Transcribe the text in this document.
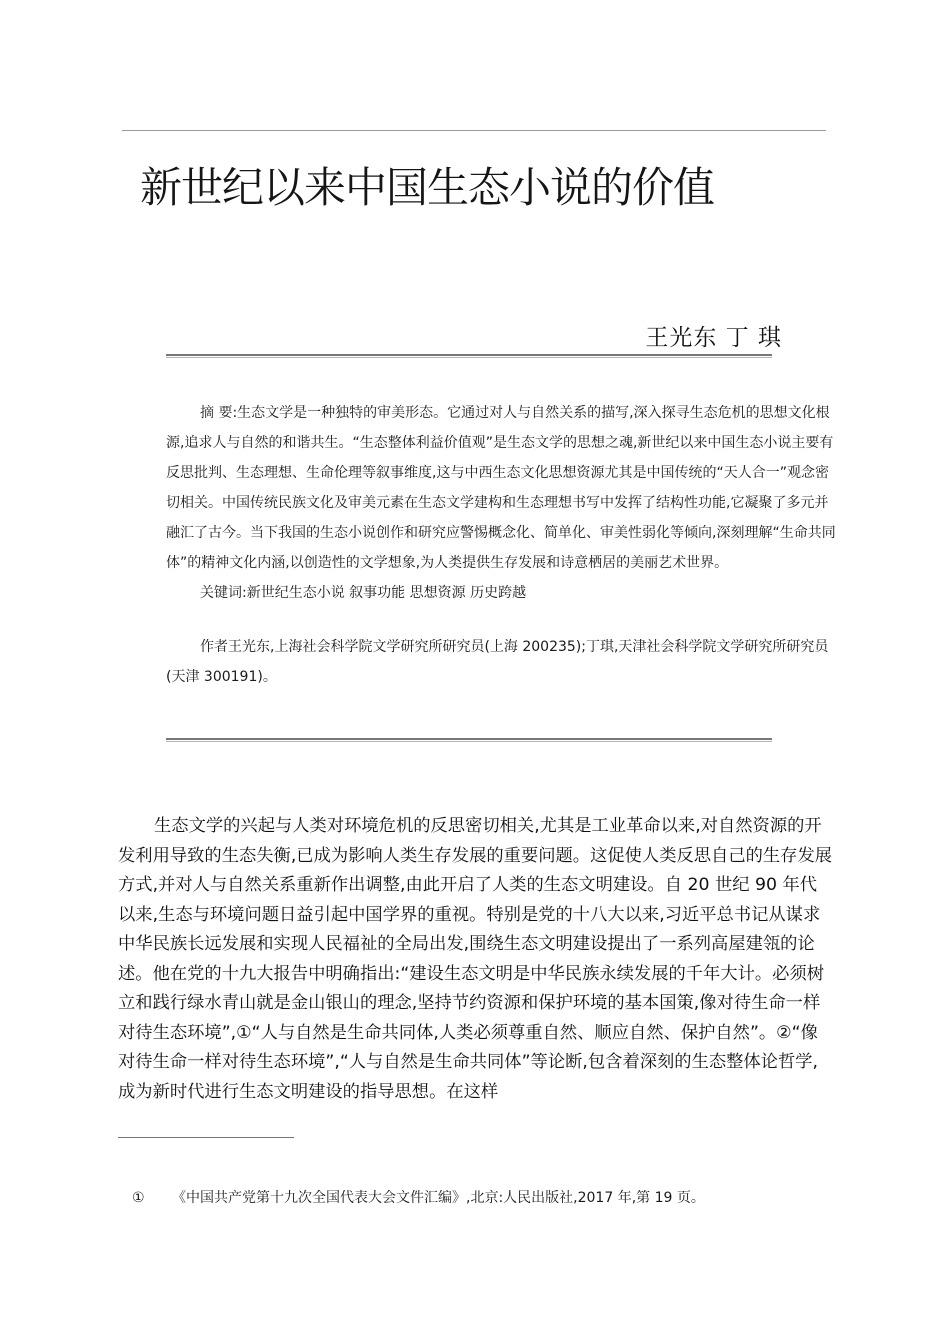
新世纪以来中国生态小说的价值
王光东 丁 琪

摘 要:生态文学是一种独特的审美形态。它通过对人与自然关系的描写,深入探寻生态危机的思想文化根源,追求人与自然的和谐共生。“生态整体利益价值观”是生态文学的思想之魂,新世纪以来中国生态小说主要有反思批判、生态理想、生命伦理等叙事维度,这与中西生态文化思想资源尤其是中国传统的“天人合一”观念密切相关。中国传统民族文化及审美元素在生态文学建构和生态理想书写中发挥了结构性功能,它凝聚了多元并融汇了古今。当下我国的生态小说创作和研究应警惕概念化、简单化、审美性弱化等倾向,深刻理解“生命共同体”的精神文化内涵,以创造性的文学想象,为人类提供生存发展和诗意栖居的美丽艺术世界。

关键词:新世纪生态小说 叙事功能 思想资源 历史跨越

作者王光东,上海社会科学院文学研究所研究员(上海 200235);丁琪,天津社会科学院文学研究所研究员(天津 300191)。

生态文学的兴起与人类对环境危机的反思密切相关,尤其是工业革命以来,对自然资源的开发利用导致的生态失衡,已成为影响人类生存发展的重要问题。这促使人类反思自己的生存发展方式,并对人与自然关系重新作出调整,由此开启了人类的生态文明建设。自 20 世纪 90 年代以来,生态与环境问题日益引起中国学界的重视。特别是党的十八大以来,习近平总书记从谋求中华民族长远发展和实现人民福祉的全局出发,围绕生态文明建设提出了一系列高屋建瓴的论述。他在党的十九大报告中明确指出:“建设生态文明是中华民族永续发展的千年大计。必须树立和践行绿水青山就是金山银山的理念,坚持节约资源和保护环境的基本国策,像对待生命一样对待生态环境”,①“人与自然是生命共同体,人类必须尊重自然、顺应自然、保护自然”。②“像对待生命一样对待生态环境”,“人与自然是生命共同体”等论断,包含着深刻的生态整体论哲学,成为新时代进行生态文明建设的指导思想。在这样

① 《中国共产党第十九次全国代表大会文件汇编》,北京:人民出版社,2017 年,第 19 页。
